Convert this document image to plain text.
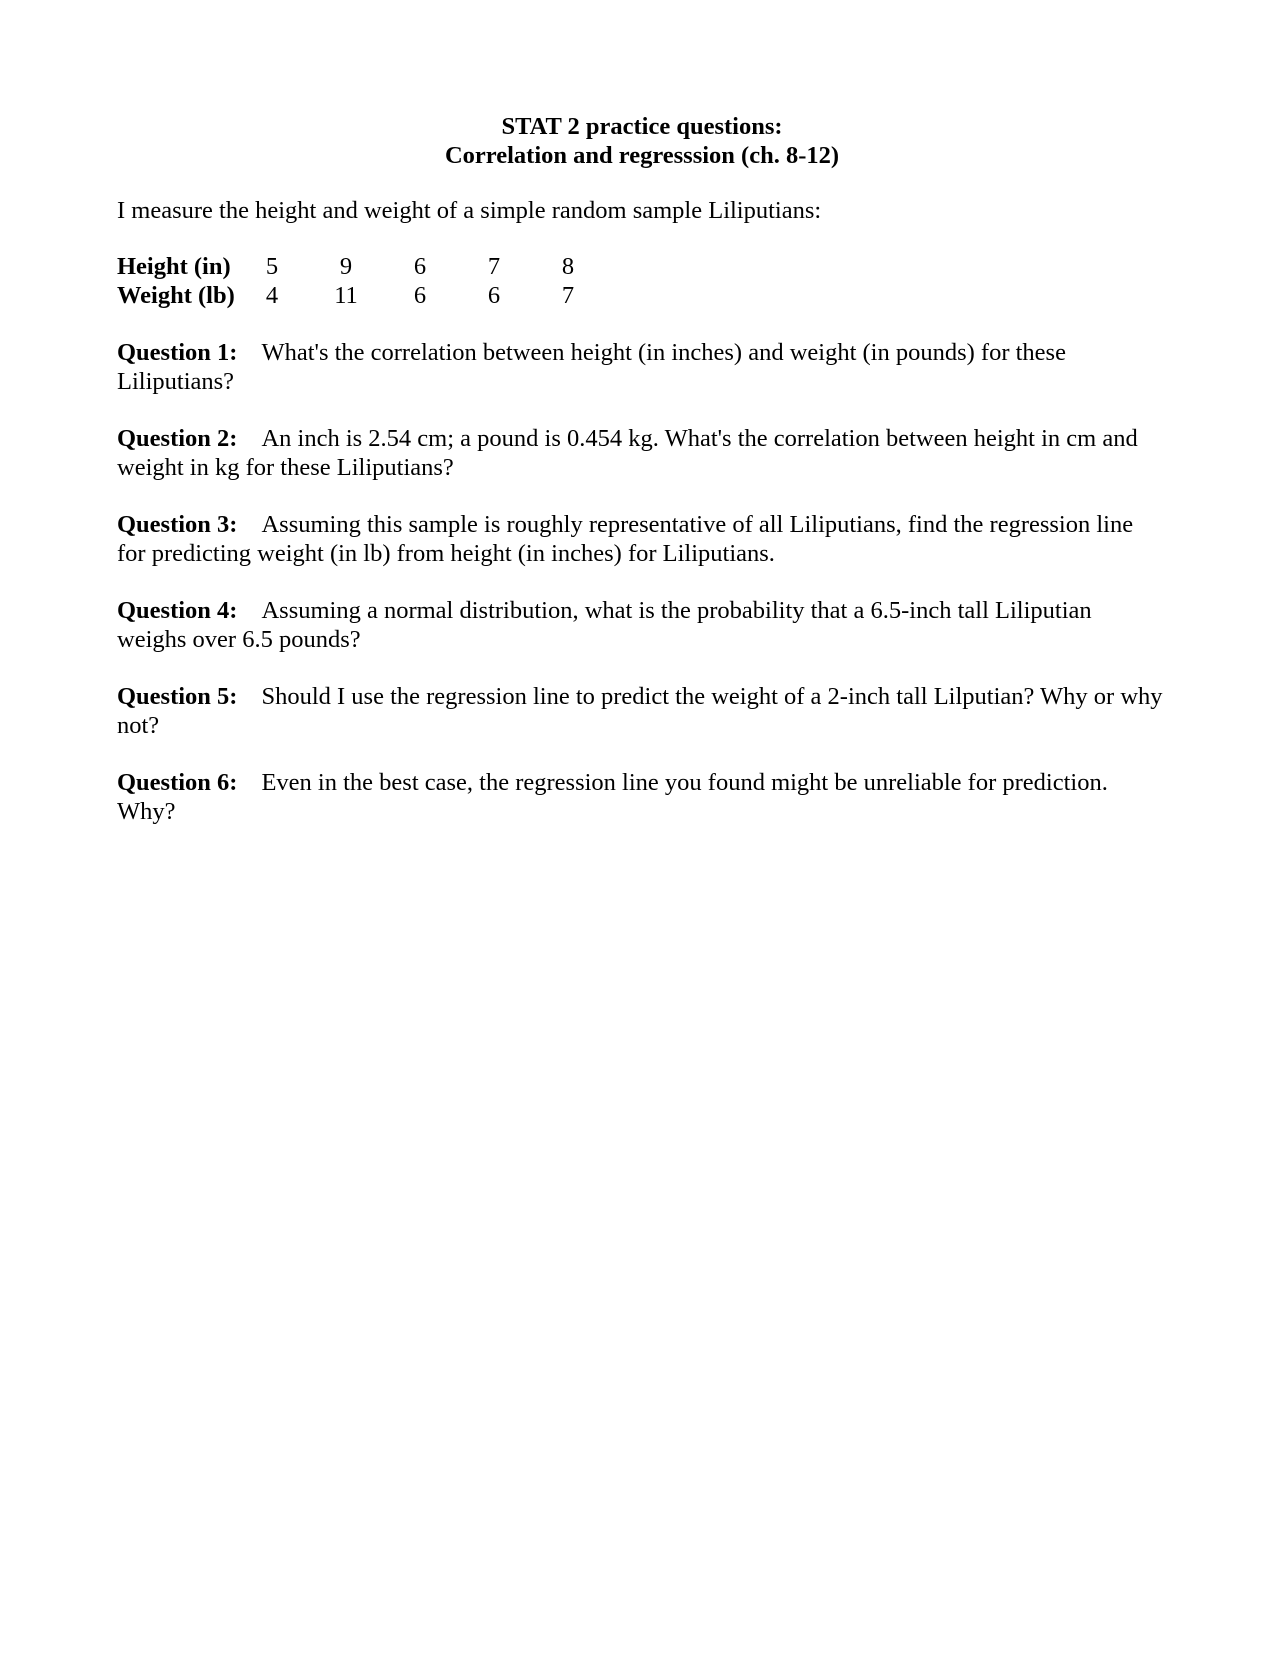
STAT 2 practice questions:
Correlation and regresssion (ch. 8-12)
I measure the height and weight of a simple random sample Liliputians:
Height (in)	5	9	6	7	8
Weight (lb)	4	11	6	6	7
Question 1: What's the correlation between height (in inches) and weight (in pounds) for these Liliputians?
Question 2: An inch is 2.54 cm; a pound is 0.454 kg. What's the correlation between height in cm and weight in kg for these Liliputians?
Question 3: Assuming this sample is roughly representative of all Liliputians, find the regression line for predicting weight (in lb) from height (in inches) for Liliputians.
Question 4: Assuming a normal distribution, what is the probability that a 6.5-inch tall Liliputian weighs over 6.5 pounds?
Question 5: Should I use the regression line to predict the weight of a 2-inch tall Lilputian? Why or why not?
Question 6: Even in the best case, the regression line you found might be unreliable for prediction. Why?
